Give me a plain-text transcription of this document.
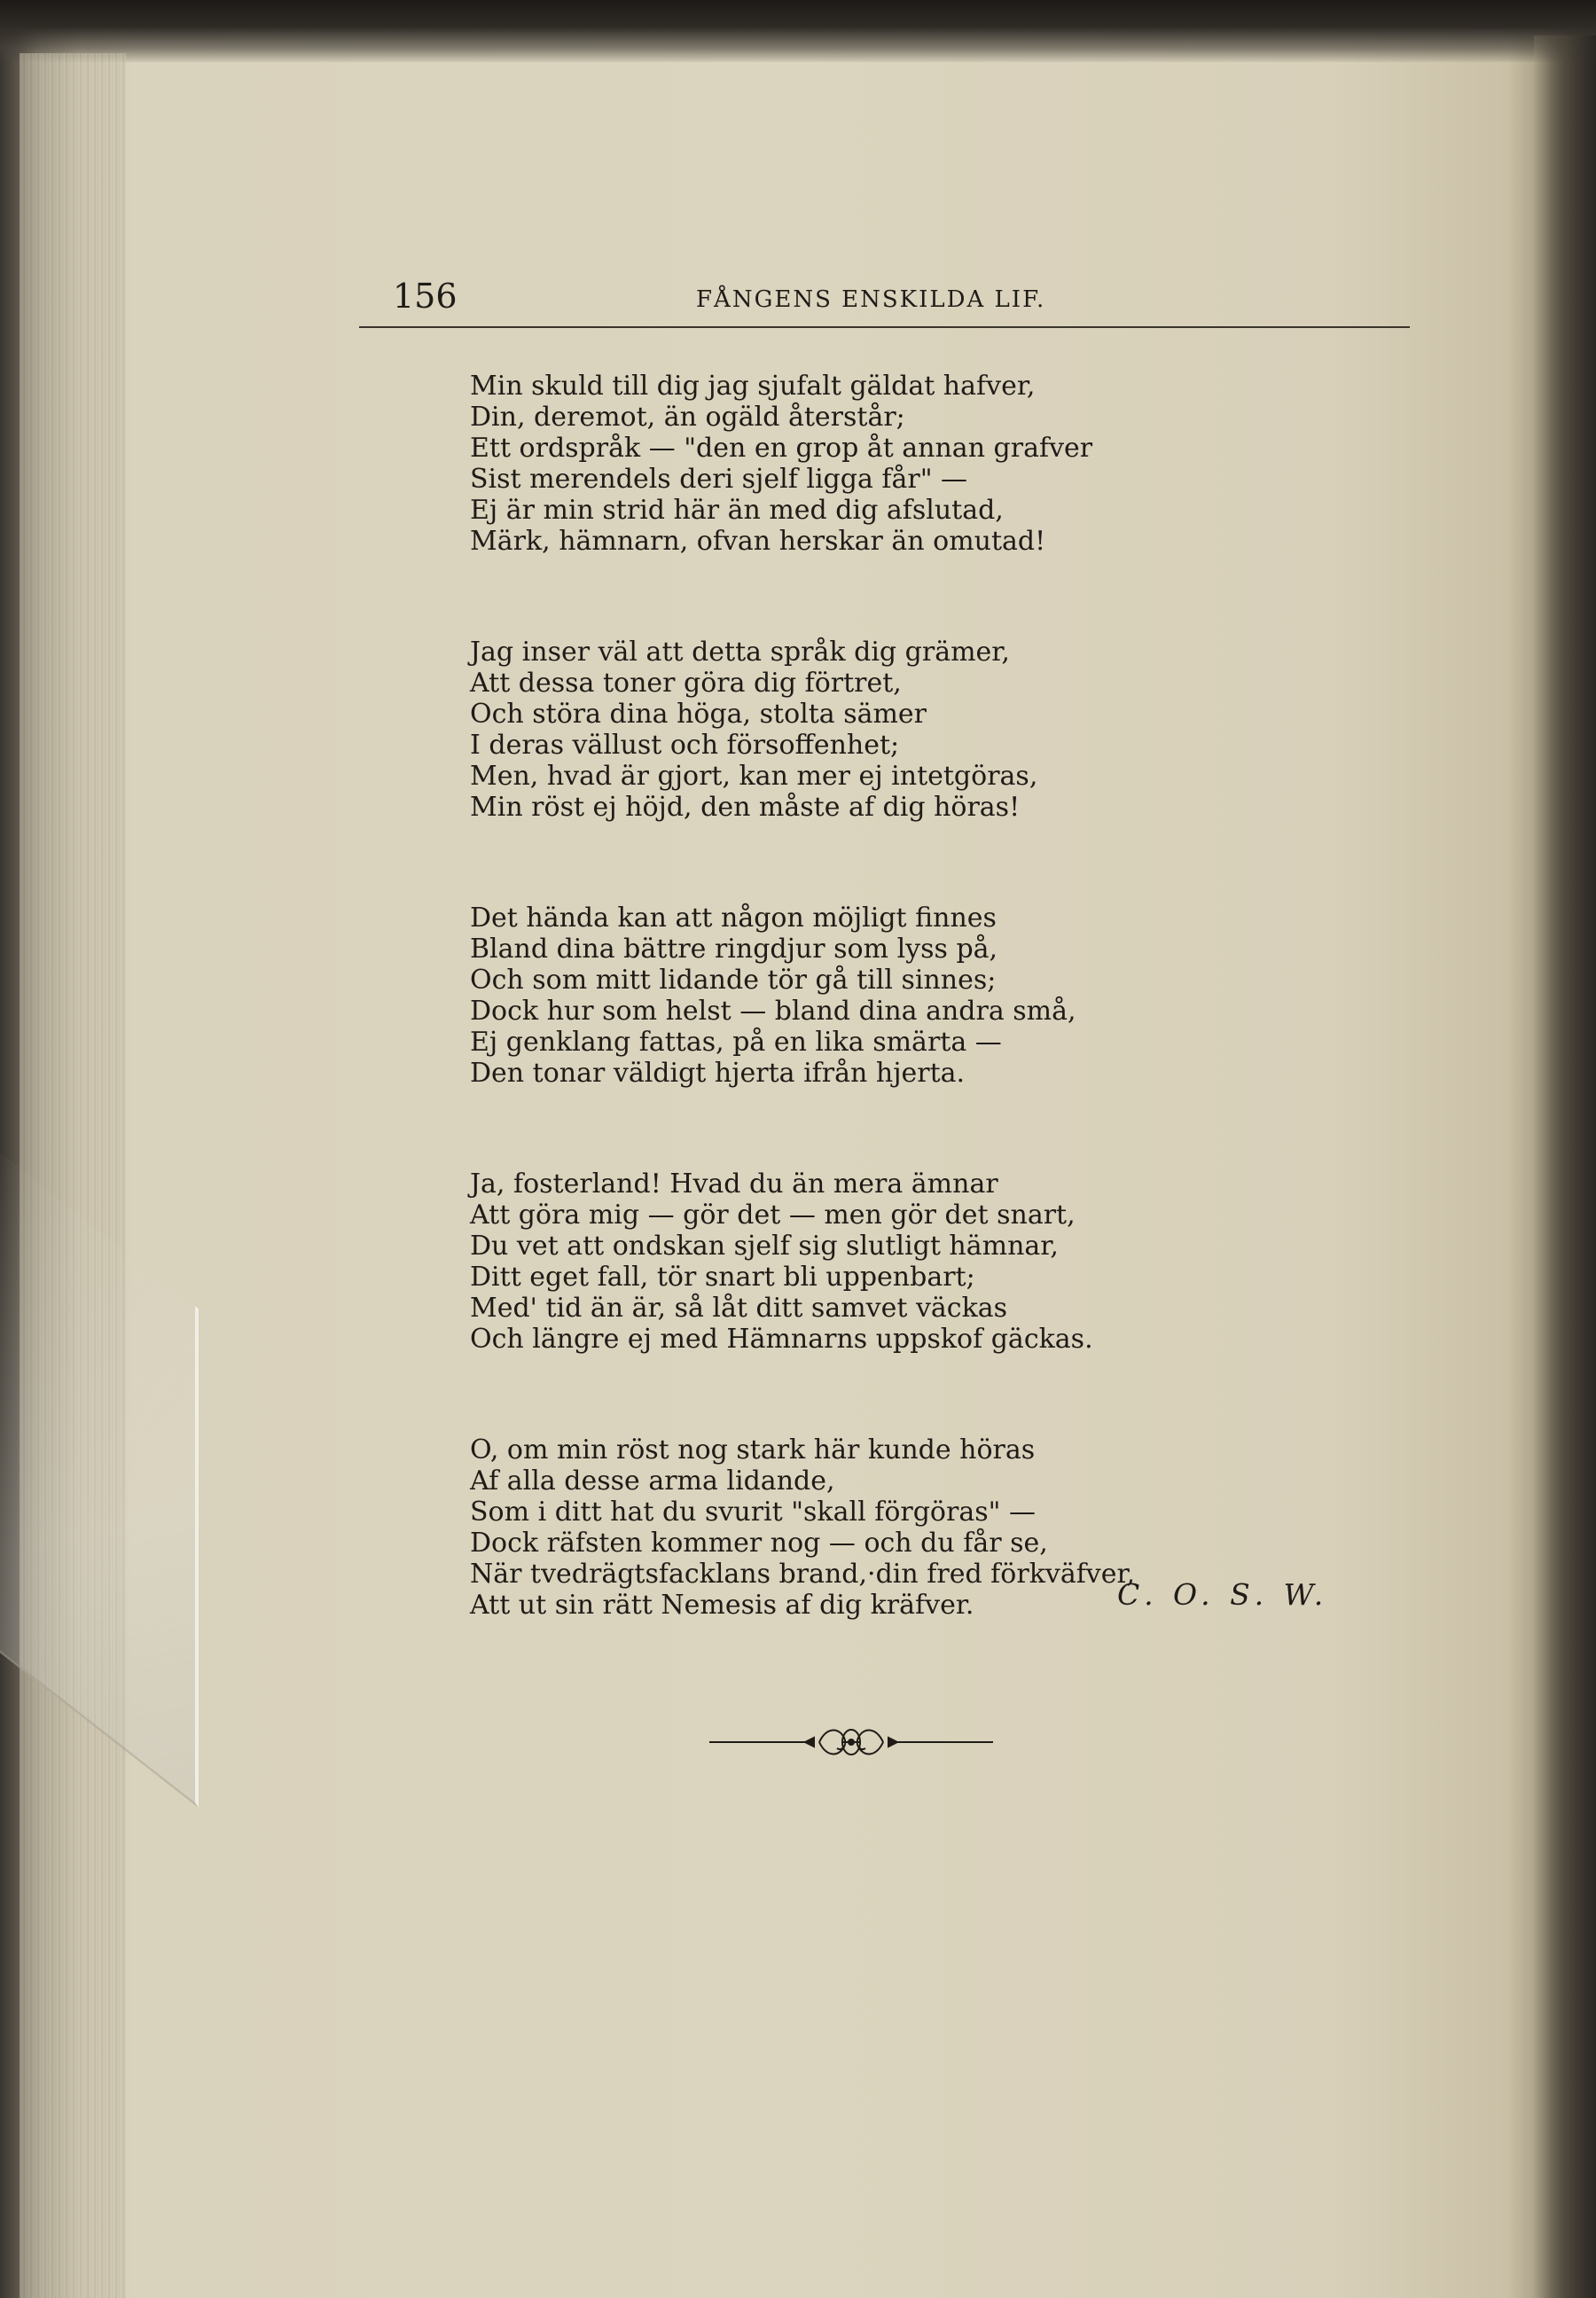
156	FÅNGENS ENSKILDA LIF.

Min skuld till dig jag sjufalt gäldat hafver,
Din, deremot, än ogäld återstår;
Ett ordspråk — "den en grop åt annan grafver
Sist merendels deri sjelf ligga får" —
Ej är min strid här än med dig afslutad,
Märk, hämnarn, ofvan herskar än omutad!
Jag inser väl att detta språk dig grämer,
Att dessa toner göra dig förtret,
Och störa dina höga, stolta sämer
I deras vällust och försoffenhet;
Men, hvad är gjort, kan mer ej intetgöras,
Min röst ej höjd, den måste af dig höras!
Det hända kan att någon möjligt finnes
Bland dina bättre ringdjur som lyss på,
Och som mitt lidande tör gå till sinnes;
Dock hur som helst — bland dina andra små,
Ej genklang fattas, på en lika smärta —
Den tonar väldigt hjerta ifrån hjerta.
Ja, fosterland! Hvad du än mera ämnar
Att göra mig — gör det — men gör det snart,
Du vet att ondskan sjelf sig slutligt hämnar,
Ditt eget fall, tör snart bli uppenbart;
Med' tid än är, så låt ditt samvet väckas
Och längre ej med Hämnarns uppskof gäckas.
O, om min röst nog stark här kunde höras
Af alla desse arma lidande,
Som i ditt hat du svurit "skall förgöras" —
Dock räfsten kommer nog — och du får se,
När tvedrägtsfacklans brand,·din fred förkväfver,
Att ut sin rätt Nemesis af dig kräfver.	C. O. S. W.
